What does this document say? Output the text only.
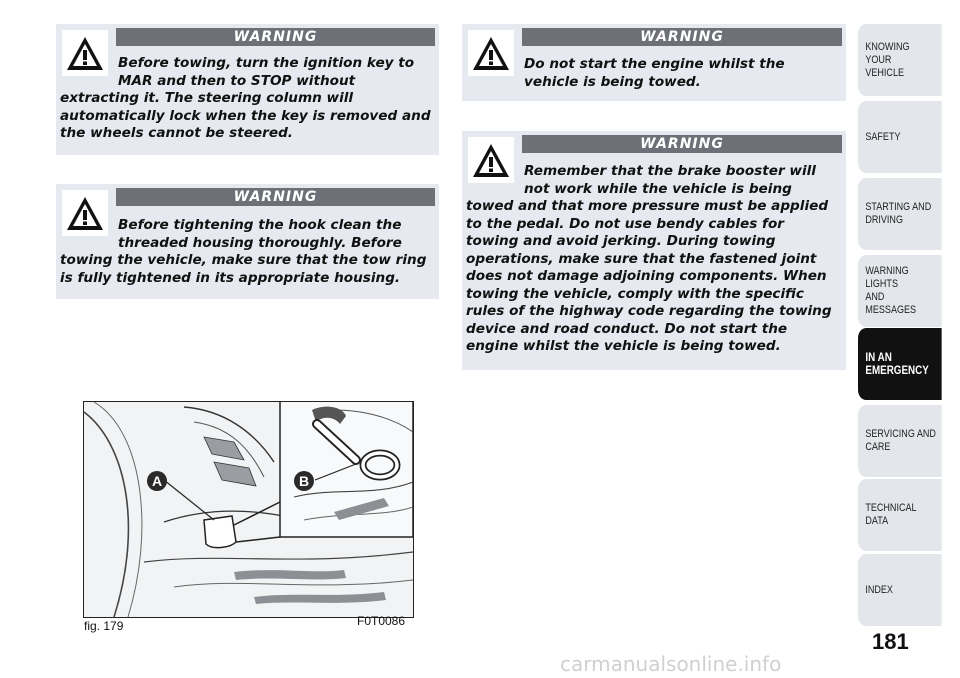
WARNING
Before towing, turn the ignition key to
MAR and then to STOP without
extracting it. The steering column will
automatically lock when the key is removed and
the wheels cannot be steered.
WARNING
Before tightening the hook clean the
threaded housing thoroughly. Before
towing the vehicle, make sure that the tow ring
is fully tightened in its appropriate housing.
WARNING
Do not start the engine whilst the
vehicle is being towed.
WARNING
Remember that the brake booster will
not work while the vehicle is being
towed and that more pressure must be applied
to the pedal. Do not use bendy cables for
towing and avoid jerking. During towing
operations, make sure that the fastened joint
does not damage adjoining components. When
towing the vehicle, comply with the specific
rules of the highway code regarding the towing
device and road conduct. Do not start the
engine whilst the vehicle is being towed.
A	B
fig. 179	F0T0086
KNOWING YOUR
VEHICLE
SAFETY
STARTING AND
DRIVING
WARNING LIGHTS
AND MESSAGES
IN AN
EMERGENCY
SERVICING AND
CARE
TECHNICAL DATA
INDEX
181
carmanualsonline.info
